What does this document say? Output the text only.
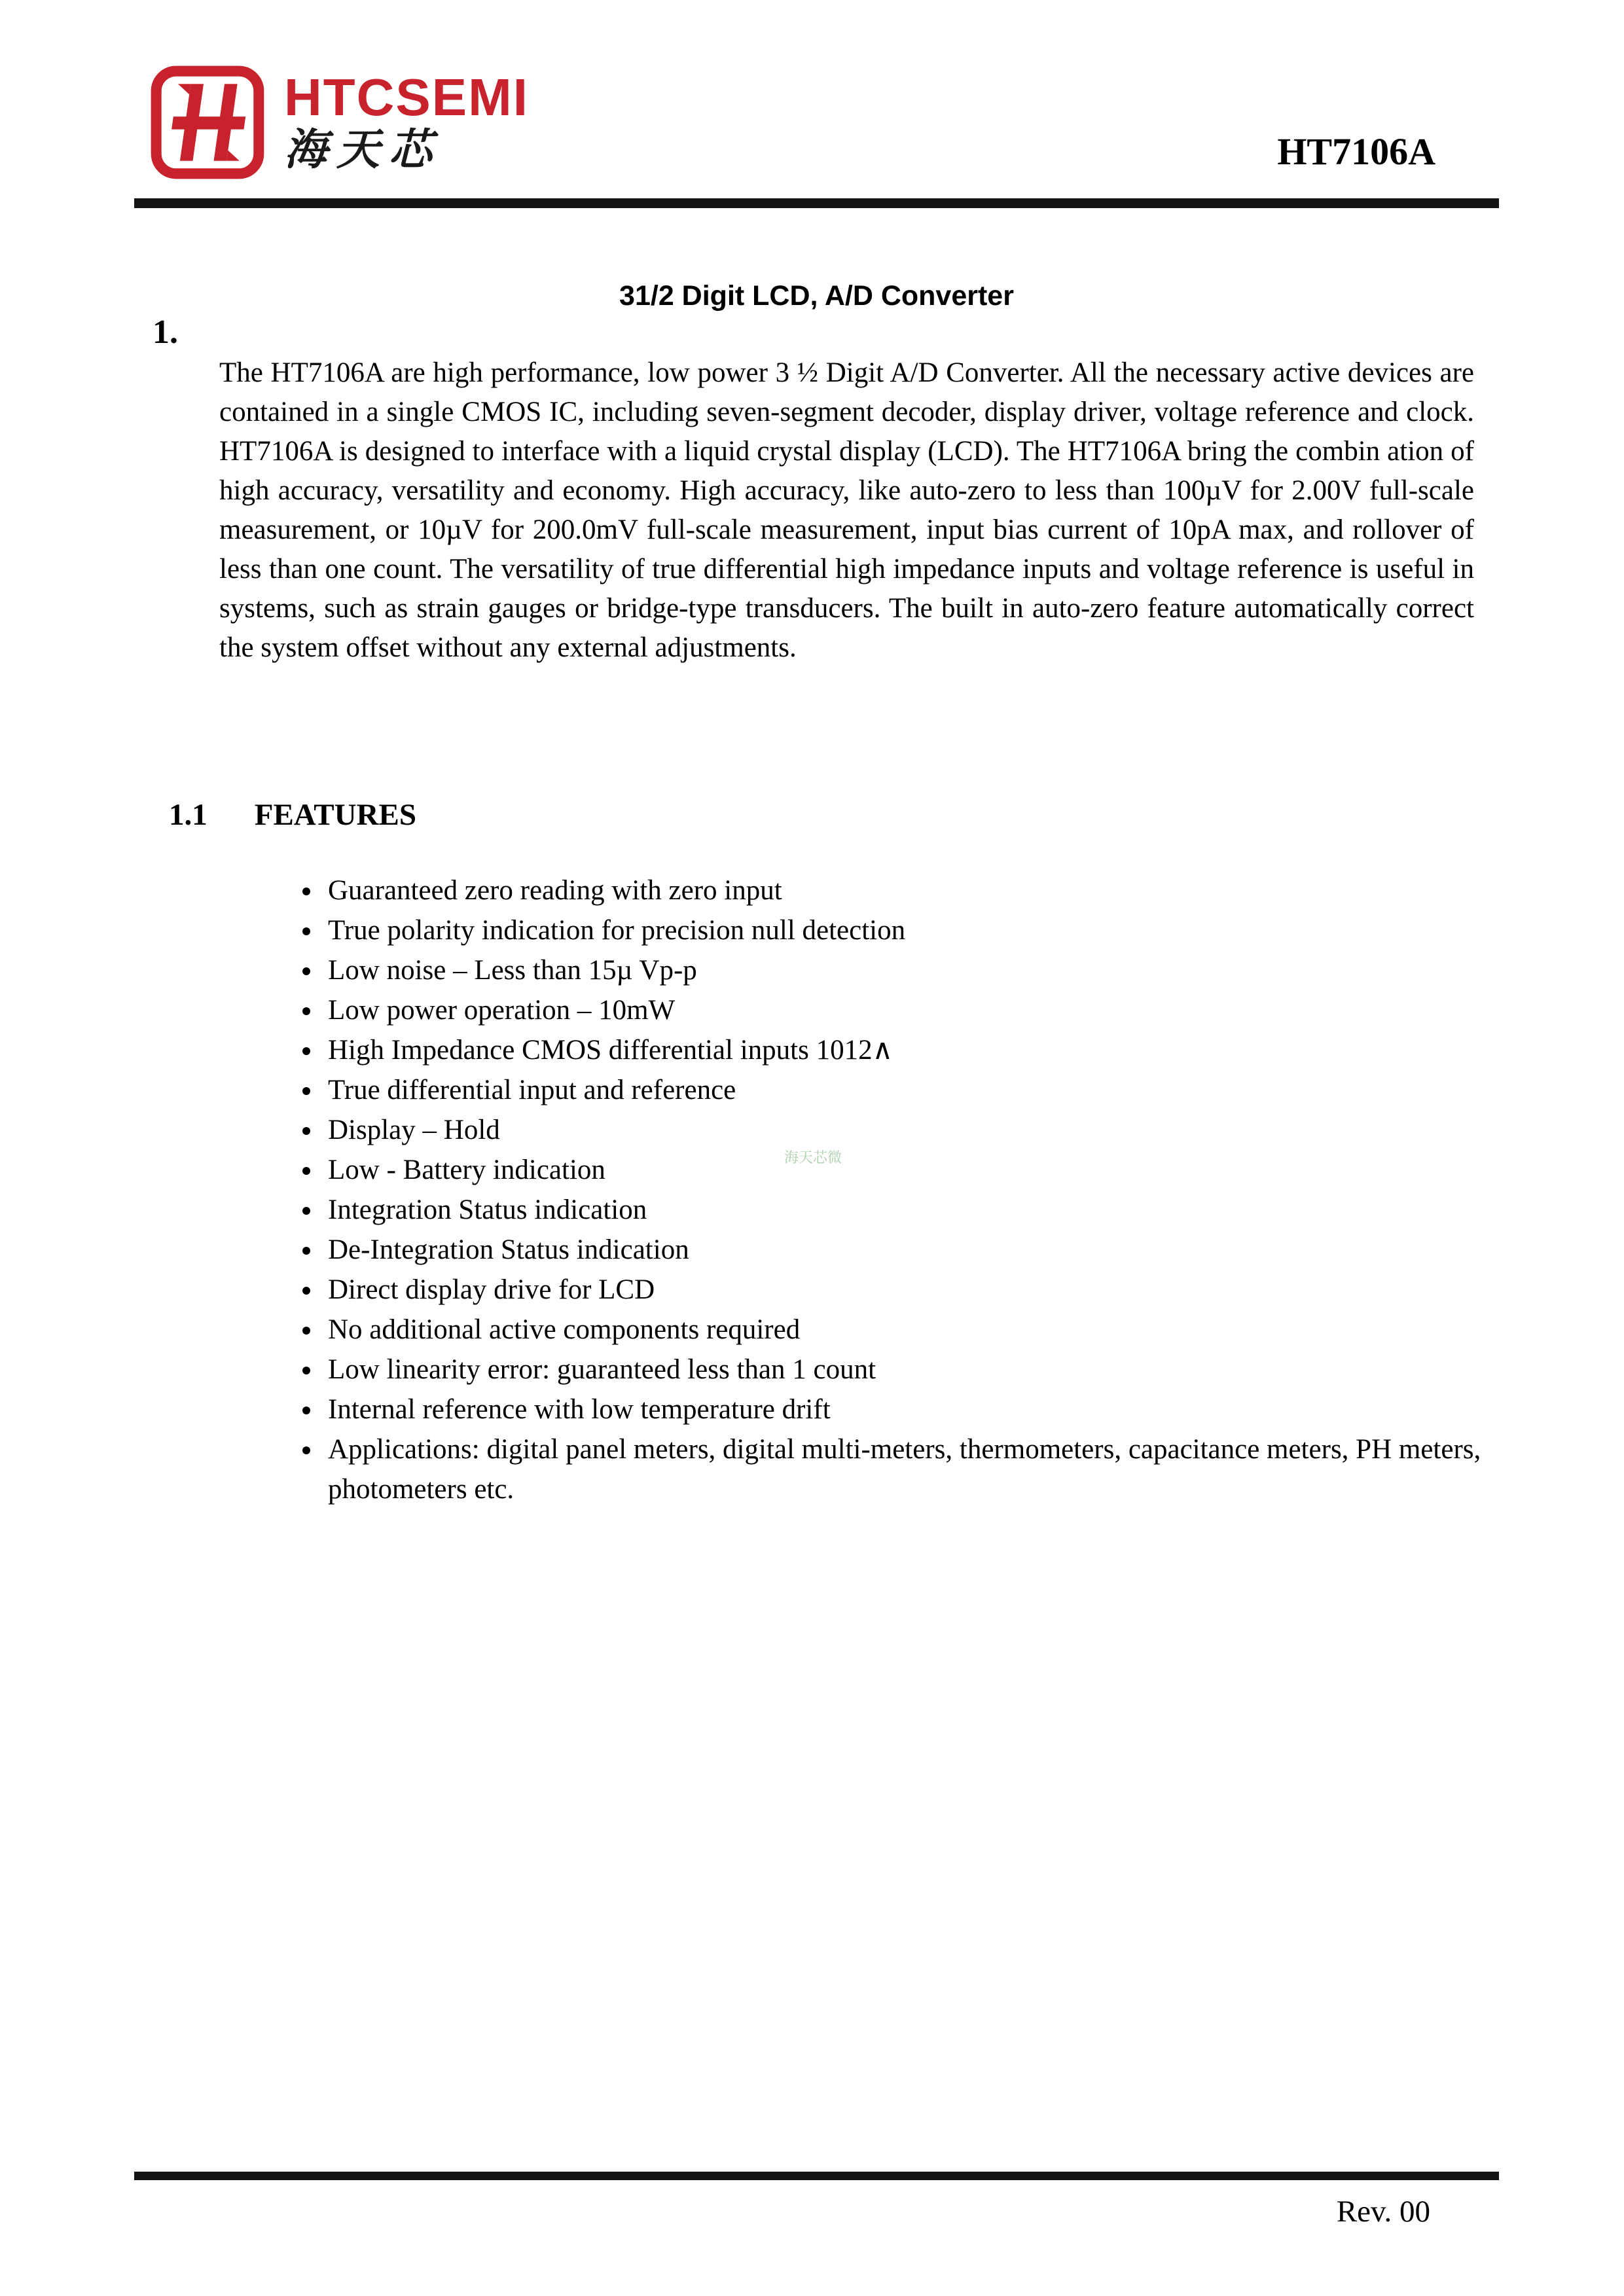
HTCSEMI
海天芯	HT7106A
31/2 Digit LCD, A/D Converter
1.
The HT7106A are high performance, low power 3 ½ Digit A/D Converter. All the necessary active devices are contained in a single CMOS IC, including seven-segment decoder, display driver, voltage reference and clock. HT7106A is designed to interface with a liquid crystal display (LCD). The HT7106A bring the combin ation of high accuracy, versatility and economy. High accuracy, like auto-zero to less than 100µV for 2.00V full-scale measurement, or 10µV for 200.0mV full-scale measurement, input bias current of 10pA max, and rollover of less than one count. The versatility of true differential high impedance inputs and voltage reference is useful in systems, such as strain gauges or bridge-type transducers. The built in auto-zero feature automatically correct the system offset without any external adjustments.
1.1 FEATURES
• Guaranteed zero reading with zero input
• True polarity indication for precision null detection
• Low noise – Less than 15µ Vp-p
• Low power operation – 10mW
• High Impedance CMOS differential inputs 1012∧
• True differential input and reference
• Display – Hold
• Low - Battery indication
• Integration Status indication
• De-Integration Status indication
• Direct display drive for LCD
• No additional active components required
• Low linearity error: guaranteed less than 1 count
• Internal reference with low temperature drift
• Applications: digital panel meters, digital multi-meters, thermometers, capacitance meters, PH meters, photometers etc.
海天芯微
Rev. 00
